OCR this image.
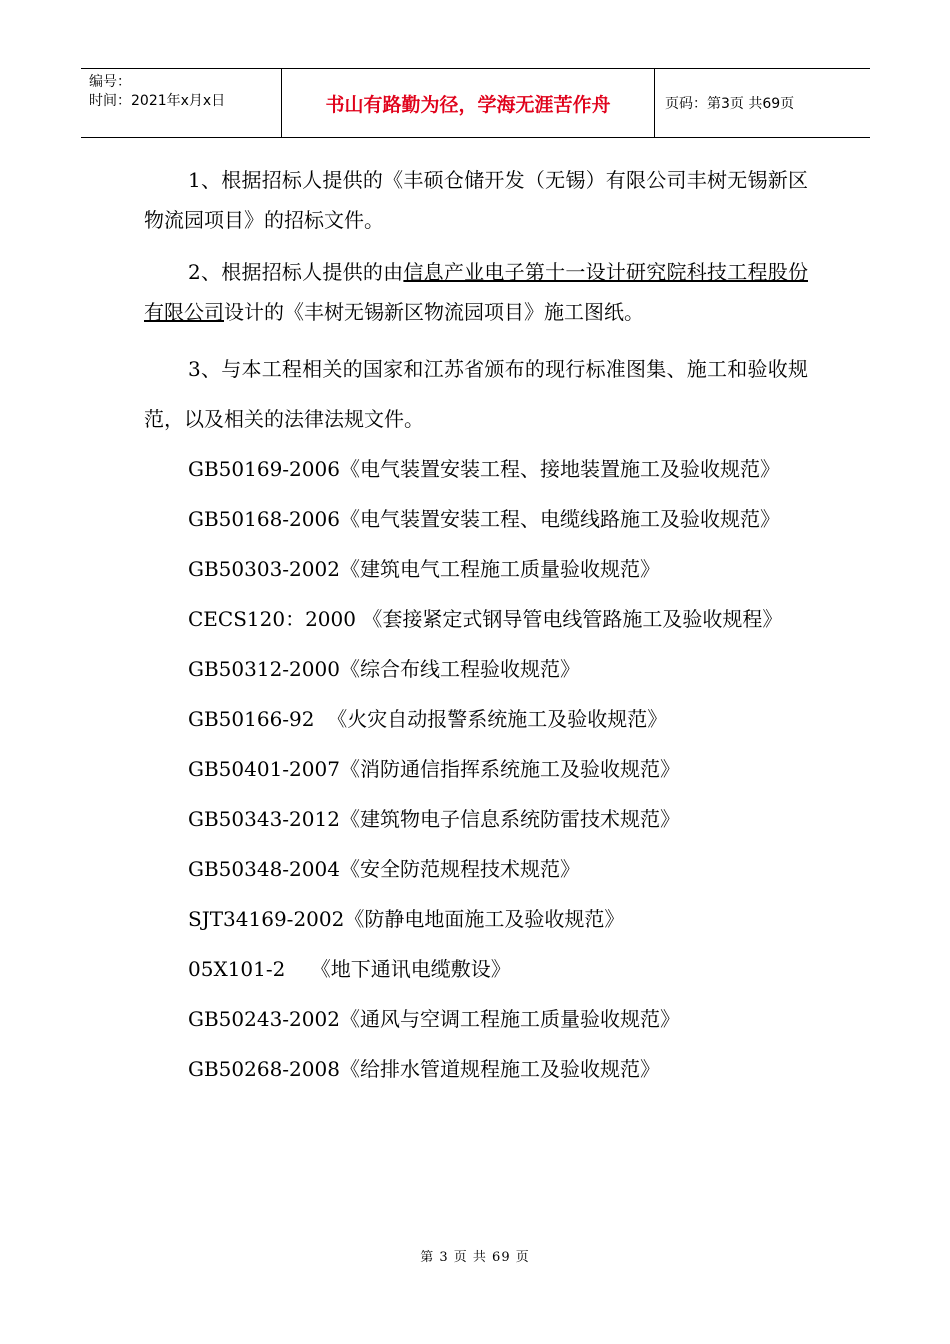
编号：
时间：2021年x月x日	书山有路勤为径，学海无涯苦作舟	页码：第3页 共69页

1、根据招标人提供的《丰硕仓储开发（无锡）有限公司丰树无锡新区物流园项目》的招标文件。

2、根据招标人提供的由信息产业电子第十一设计研究院科技工程股份有限公司设计的《丰树无锡新区物流园项目》施工图纸。

3、与本工程相关的国家和江苏省颁布的现行标准图集、施工和验收规范，以及相关的法律法规文件。

GB50169-2006《电气装置安装工程、接地装置施工及验收规范》

GB50168-2006《电气装置安装工程、电缆线路施工及验收规范》

GB50303-2002《建筑电气工程施工质量验收规范》

CECS120：2000 《套接紧定式钢导管电线管路施工及验收规程》

GB50312-2000《综合布线工程验收规范》

GB50166-92  《火灾自动报警系统施工及验收规范》

GB50401-2007《消防通信指挥系统施工及验收规范》

GB50343-2012《建筑物电子信息系统防雷技术规范》

GB50348-2004《安全防范规程技术规范》

SJT34169-2002《防静电地面施工及验收规范》

05X101-2    《地下通讯电缆敷设》

GB50243-2002《通风与空调工程施工质量验收规范》

GB50268-2008《给排水管道规程施工及验收规范》

第 3 页 共 69 页
